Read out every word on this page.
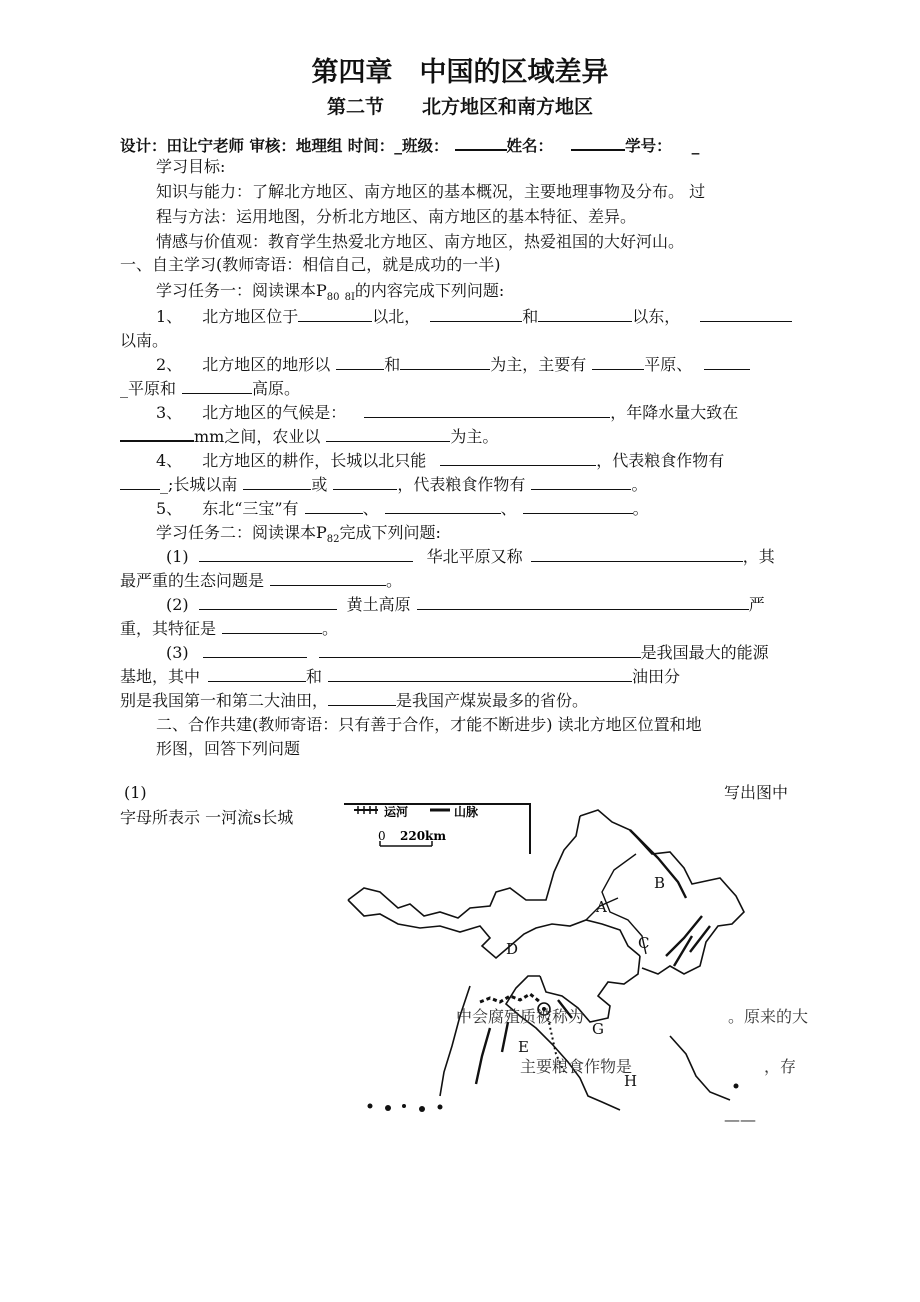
第四章　中国的区域差异
第二节　　北方地区和南方地区
设计：田让宁老师 审核：地理组 时间：_班级：	姓名：	学号： _
学习目标:
知识与能力：了解北方地区、南方地区的基本概况，主要地理事物及分布。 过
程与方法：运用地图，分析北方地区、南方地区的基本特征、差异。
情感与价值观：教育学生热爱北方地区、南方地区，热爱祖国的大好河山。
一、自主学习(教师寄语：相信自己，就是成功的一半)
学习任务一：阅读课本$P_{80}$ $_{8I}$的内容完成下列问题:
1、 北方地区位于	以北，	和	以东，
以南。
2、 北方地区的地形以	和	为主，主要有	平原、
_平原和	高原。
3、 北方地区的气候是：	，年降水量大致在
mm之间，农业以	为主。
4、 北方地区的耕作，长城以北只能	，代表粮食作物有
_;长城以南	或	，代表粮食作物有	。
5、 东北“三宝”有	、	、	。
学习任务二：阅读课本$P_{82}$完成下列问题:
(1)	华北平原又称	，其
最严重的生态问题是	。
(2)	黄土高原	严
重，其特征是	。
(3)	是我国最大的能源
基地，其中	和	油田分
别是我国第一和第二大油田，	是我国产煤炭最多的省份。
二、合作共建(教师寄语：只有善于合作，才能不断进步) 读北方地区位置和地
形图，回答下列问题
(1)	写出图中
字母所表示 一河流s长城	运河	山脉
0 220km
A
B
C
D
E
G
H
中会腐殖质被称为	。原来的大
主要粮食作物是	，存
——
